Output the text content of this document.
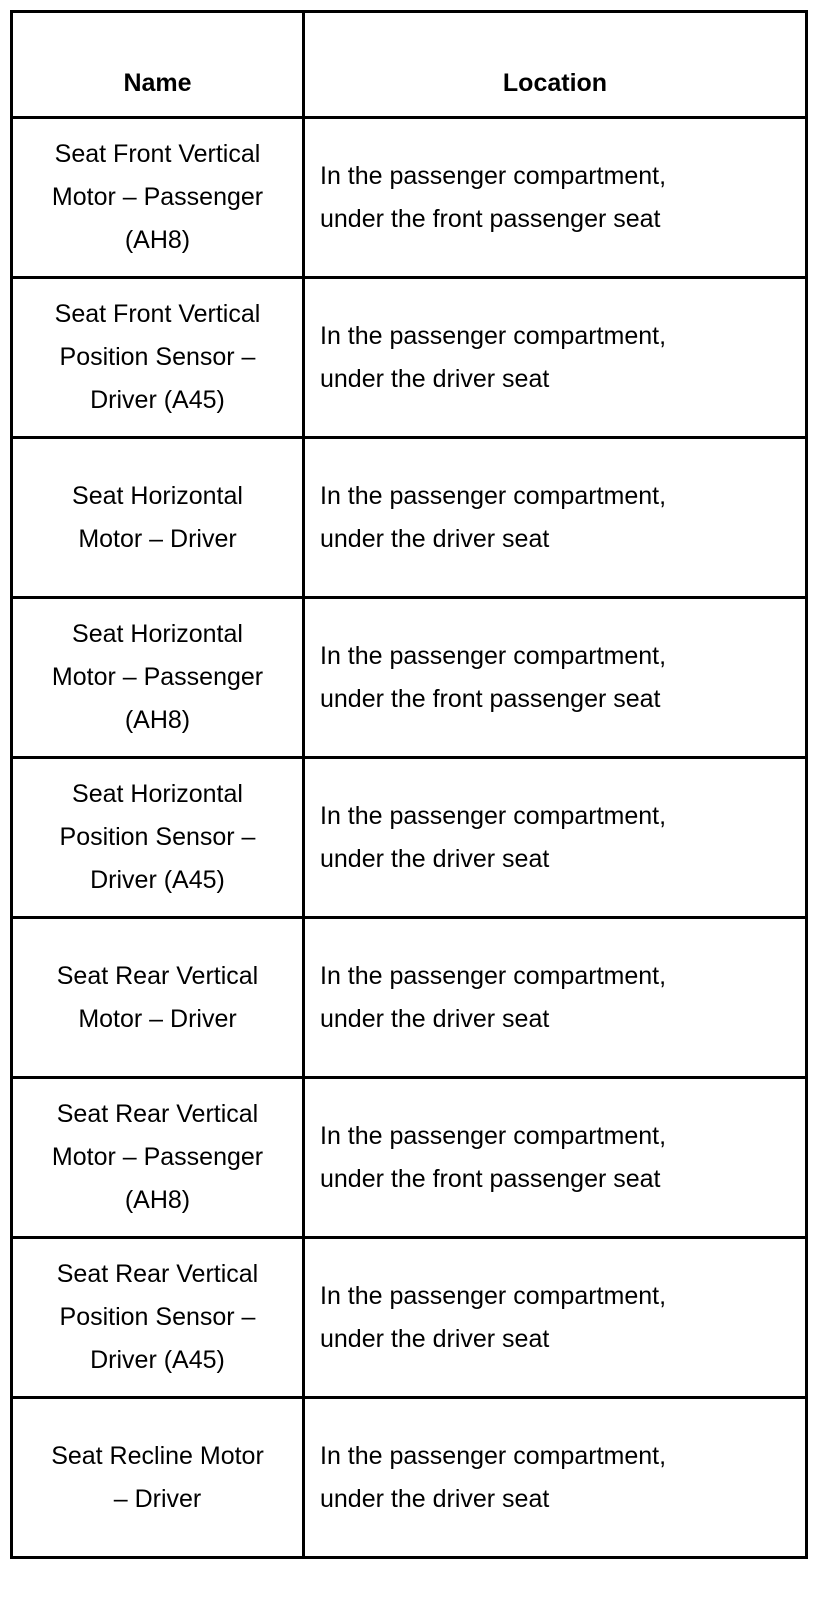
Name	Location
Seat Front Vertical
Motor – Passenger
(AH8)	In the passenger compartment,
under the front passenger seat
Seat Front Vertical
Position Sensor –
Driver (A45)	In the passenger compartment,
under the driver seat
Seat Horizontal
Motor – Driver	In the passenger compartment,
under the driver seat
Seat Horizontal
Motor – Passenger
(AH8)	In the passenger compartment,
under the front passenger seat
Seat Horizontal
Position Sensor –
Driver (A45)	In the passenger compartment,
under the driver seat
Seat Rear Vertical
Motor – Driver	In the passenger compartment,
under the driver seat
Seat Rear Vertical
Motor – Passenger
(AH8)	In the passenger compartment,
under the front passenger seat
Seat Rear Vertical
Position Sensor –
Driver (A45)	In the passenger compartment,
under the driver seat
Seat Recline Motor
– Driver	In the passenger compartment,
under the driver seat
